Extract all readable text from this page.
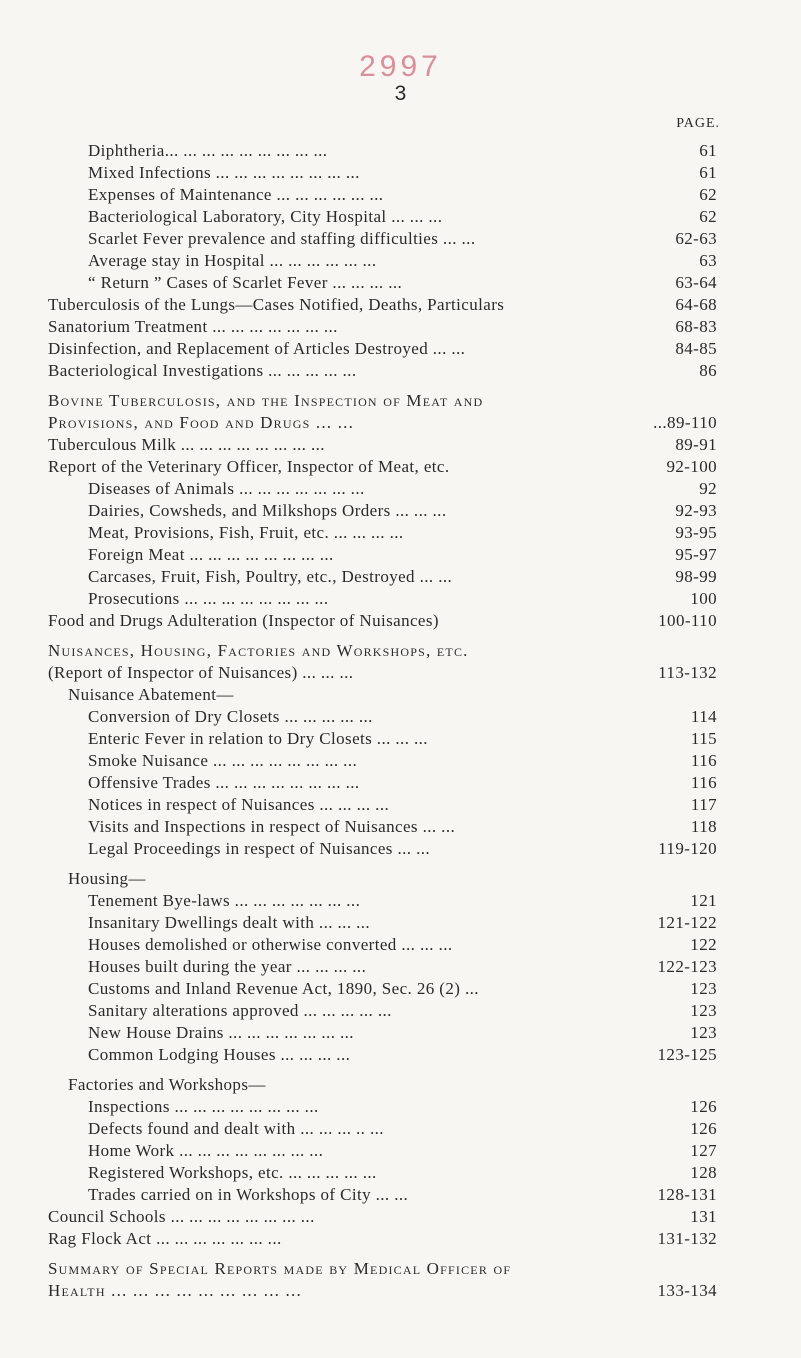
2997
3
PAGE.
Diphtheria... ... ... ... ... ... ... ... ...	61
Mixed Infections ... ... ... ... ... ... ... ...	61
Expenses of Maintenance ... ... ... ... ... ...	62
Bacteriological Laboratory, City Hospital ... ... ...	62
Scarlet Fever prevalence and staffing difficulties ... ...	62-63
Average stay in Hospital ... ... ... ... ... ...	63
“ Return ” Cases of Scarlet Fever ... ... ... ...	63-64
Tuberculosis of the Lungs—Cases Notified, Deaths, Particulars	64-68
Sanatorium Treatment ... ... ... ... ... ... ...	68-83
Disinfection, and Replacement of Articles Destroyed ... ...	84-85
Bacteriological Investigations ... ... ... ... ...	86
Bovine Tuberculosis, and the Inspection of Meat and
Provisions, and Food and Drugs ... ...	...89-110
Tuberculous Milk ... ... ... ... ... ... ... ...	89-91
Report of the Veterinary Officer, Inspector of Meat, etc.	92-100
Diseases of Animals ... ... ... ... ... ... ...	92
Dairies, Cowsheds, and Milkshops Orders ... ... ...	92-93
Meat, Provisions, Fish, Fruit, etc. ... ... ... ...	93-95
Foreign Meat ... ... ... ... ... ... ... ...	95-97
Carcases, Fruit, Fish, Poultry, etc., Destroyed ... ...	98-99
Prosecutions ... ... ... ... ... ... ... ...	100
Food and Drugs Adulteration (Inspector of Nuisances)	100-110
Nuisances, Housing, Factories and Workshops, etc.
(Report of Inspector of Nuisances) ... ... ...	113-132
Nuisance Abatement—
Conversion of Dry Closets ... ... ... ... ...	114
Enteric Fever in relation to Dry Closets ... ... ...	115
Smoke Nuisance ... ... ... ... ... ... ... ...	116
Offensive Trades ... ... ... ... ... ... ... ...	116
Notices in respect of Nuisances ... ... ... ...	117
Visits and Inspections in respect of Nuisances ... ...	118
Legal Proceedings in respect of Nuisances ... ...	119-120
Housing—
Tenement Bye-laws ... ... ... ... ... ... ...	121
Insanitary Dwellings dealt with ... ... ...	121-122
Houses demolished or otherwise converted ... ... ...	122
Houses built during the year ... ... ... ...	122-123
Customs and Inland Revenue Act, 1890, Sec. 26 (2) ...	123
Sanitary alterations approved ... ... ... ... ...	123
New House Drains ... ... ... ... ... ... ...	123
Common Lodging Houses ... ... ... ...	123-125
Factories and Workshops—
Inspections ... ... ... ... ... ... ... ...	126
Defects found and dealt with ... ... ... .. ...	126
Home Work ... ... ... ... ... ... ... ...	127
Registered Workshops, etc. ... ... ... ... ...	128
Trades carried on in Workshops of City ... ...	128-131
Council Schools ... ... ... ... ... ... ... ...	131
Rag Flock Act ... ... ... ... ... ... ...	131-132
Summary of Special Reports made by Medical Officer of
Health ... ... ... ... ... ... ... ... ...	133-134
